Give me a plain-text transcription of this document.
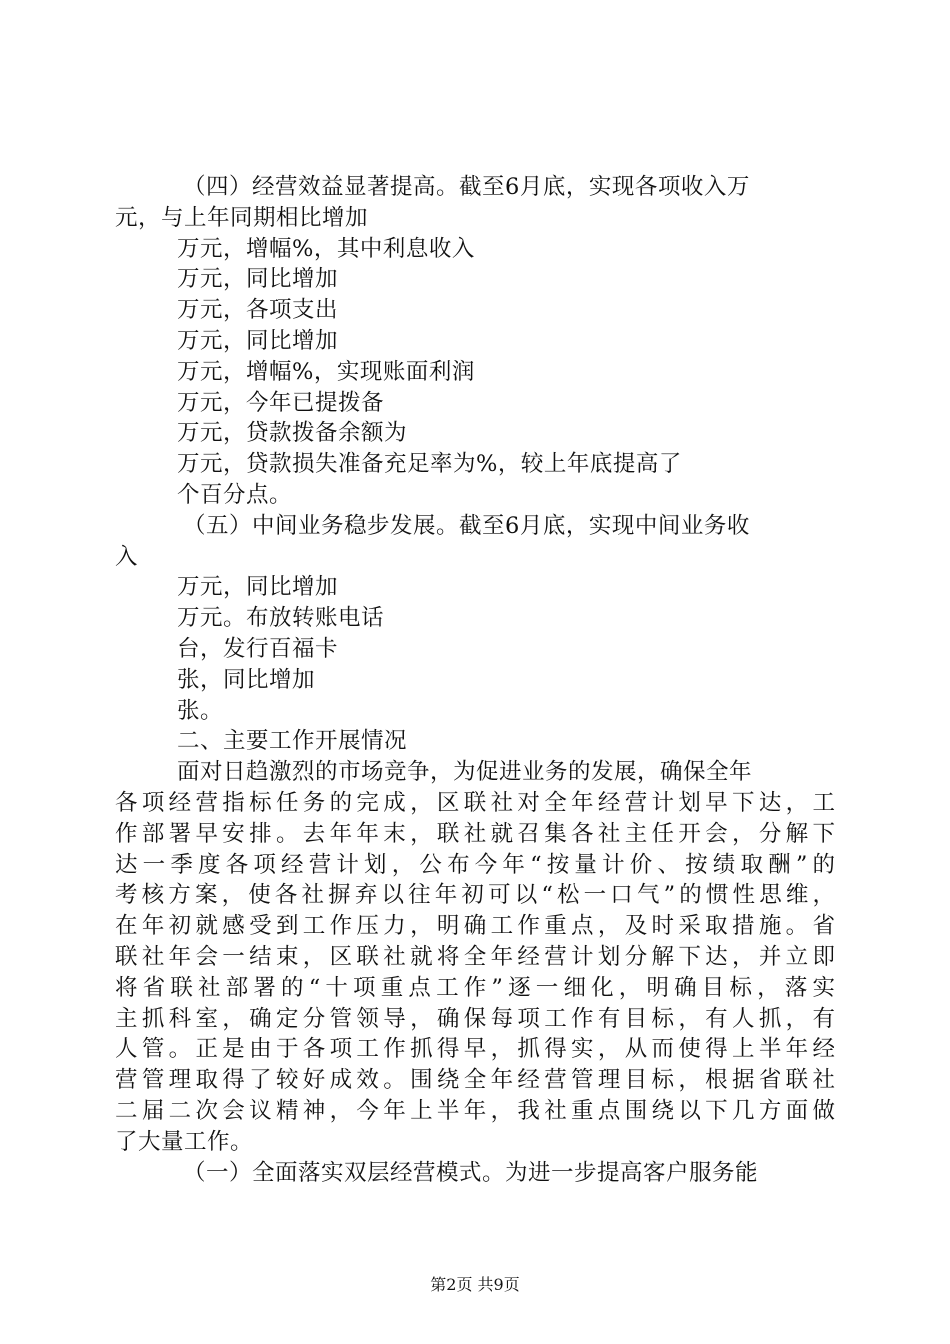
（四）经营效益显著提高。截至6月底，实现各项收入万
元，与上年同期相比增加
万元，增幅%，其中利息收入
万元，同比增加
万元，各项支出
万元，同比增加
万元，增幅%，实现账面利润
万元，今年已提拨备
万元，贷款拨备余额为
万元，贷款损失准备充足率为%，较上年底提高了
个百分点。
（五）中间业务稳步发展。截至6月底，实现中间业务收
入
万元，同比增加
万元。布放转账电话
台，发行百福卡
张，同比增加
张。
二、主要工作开展情况
面对日趋激烈的市场竞争，为促进业务的发展，确保全年
各项经营指标任务的完成，区联社对全年经营计划早下达，工
作部署早安排。去年年末，联社就召集各社主任开会，分解下
达一季度各项经营计划，公布今年“按量计价、按绩取酬”的
考核方案，使各社摒弃以往年初可以“松一口气”的惯性思维，
在年初就感受到工作压力，明确工作重点，及时采取措施。省
联社年会一结束，区联社就将全年经营计划分解下达，并立即
将省联社部署的“十项重点工作”逐一细化，明确目标，落实
主抓科室，确定分管领导，确保每项工作有目标，有人抓，有
人管。正是由于各项工作抓得早，抓得实，从而使得上半年经
营管理取得了较好成效。围绕全年经营管理目标，根据省联社
二届二次会议精神，今年上半年，我社重点围绕以下几方面做
了大量工作。
（一）全面落实双层经营模式。为进一步提高客户服务能
第2页 共9页
